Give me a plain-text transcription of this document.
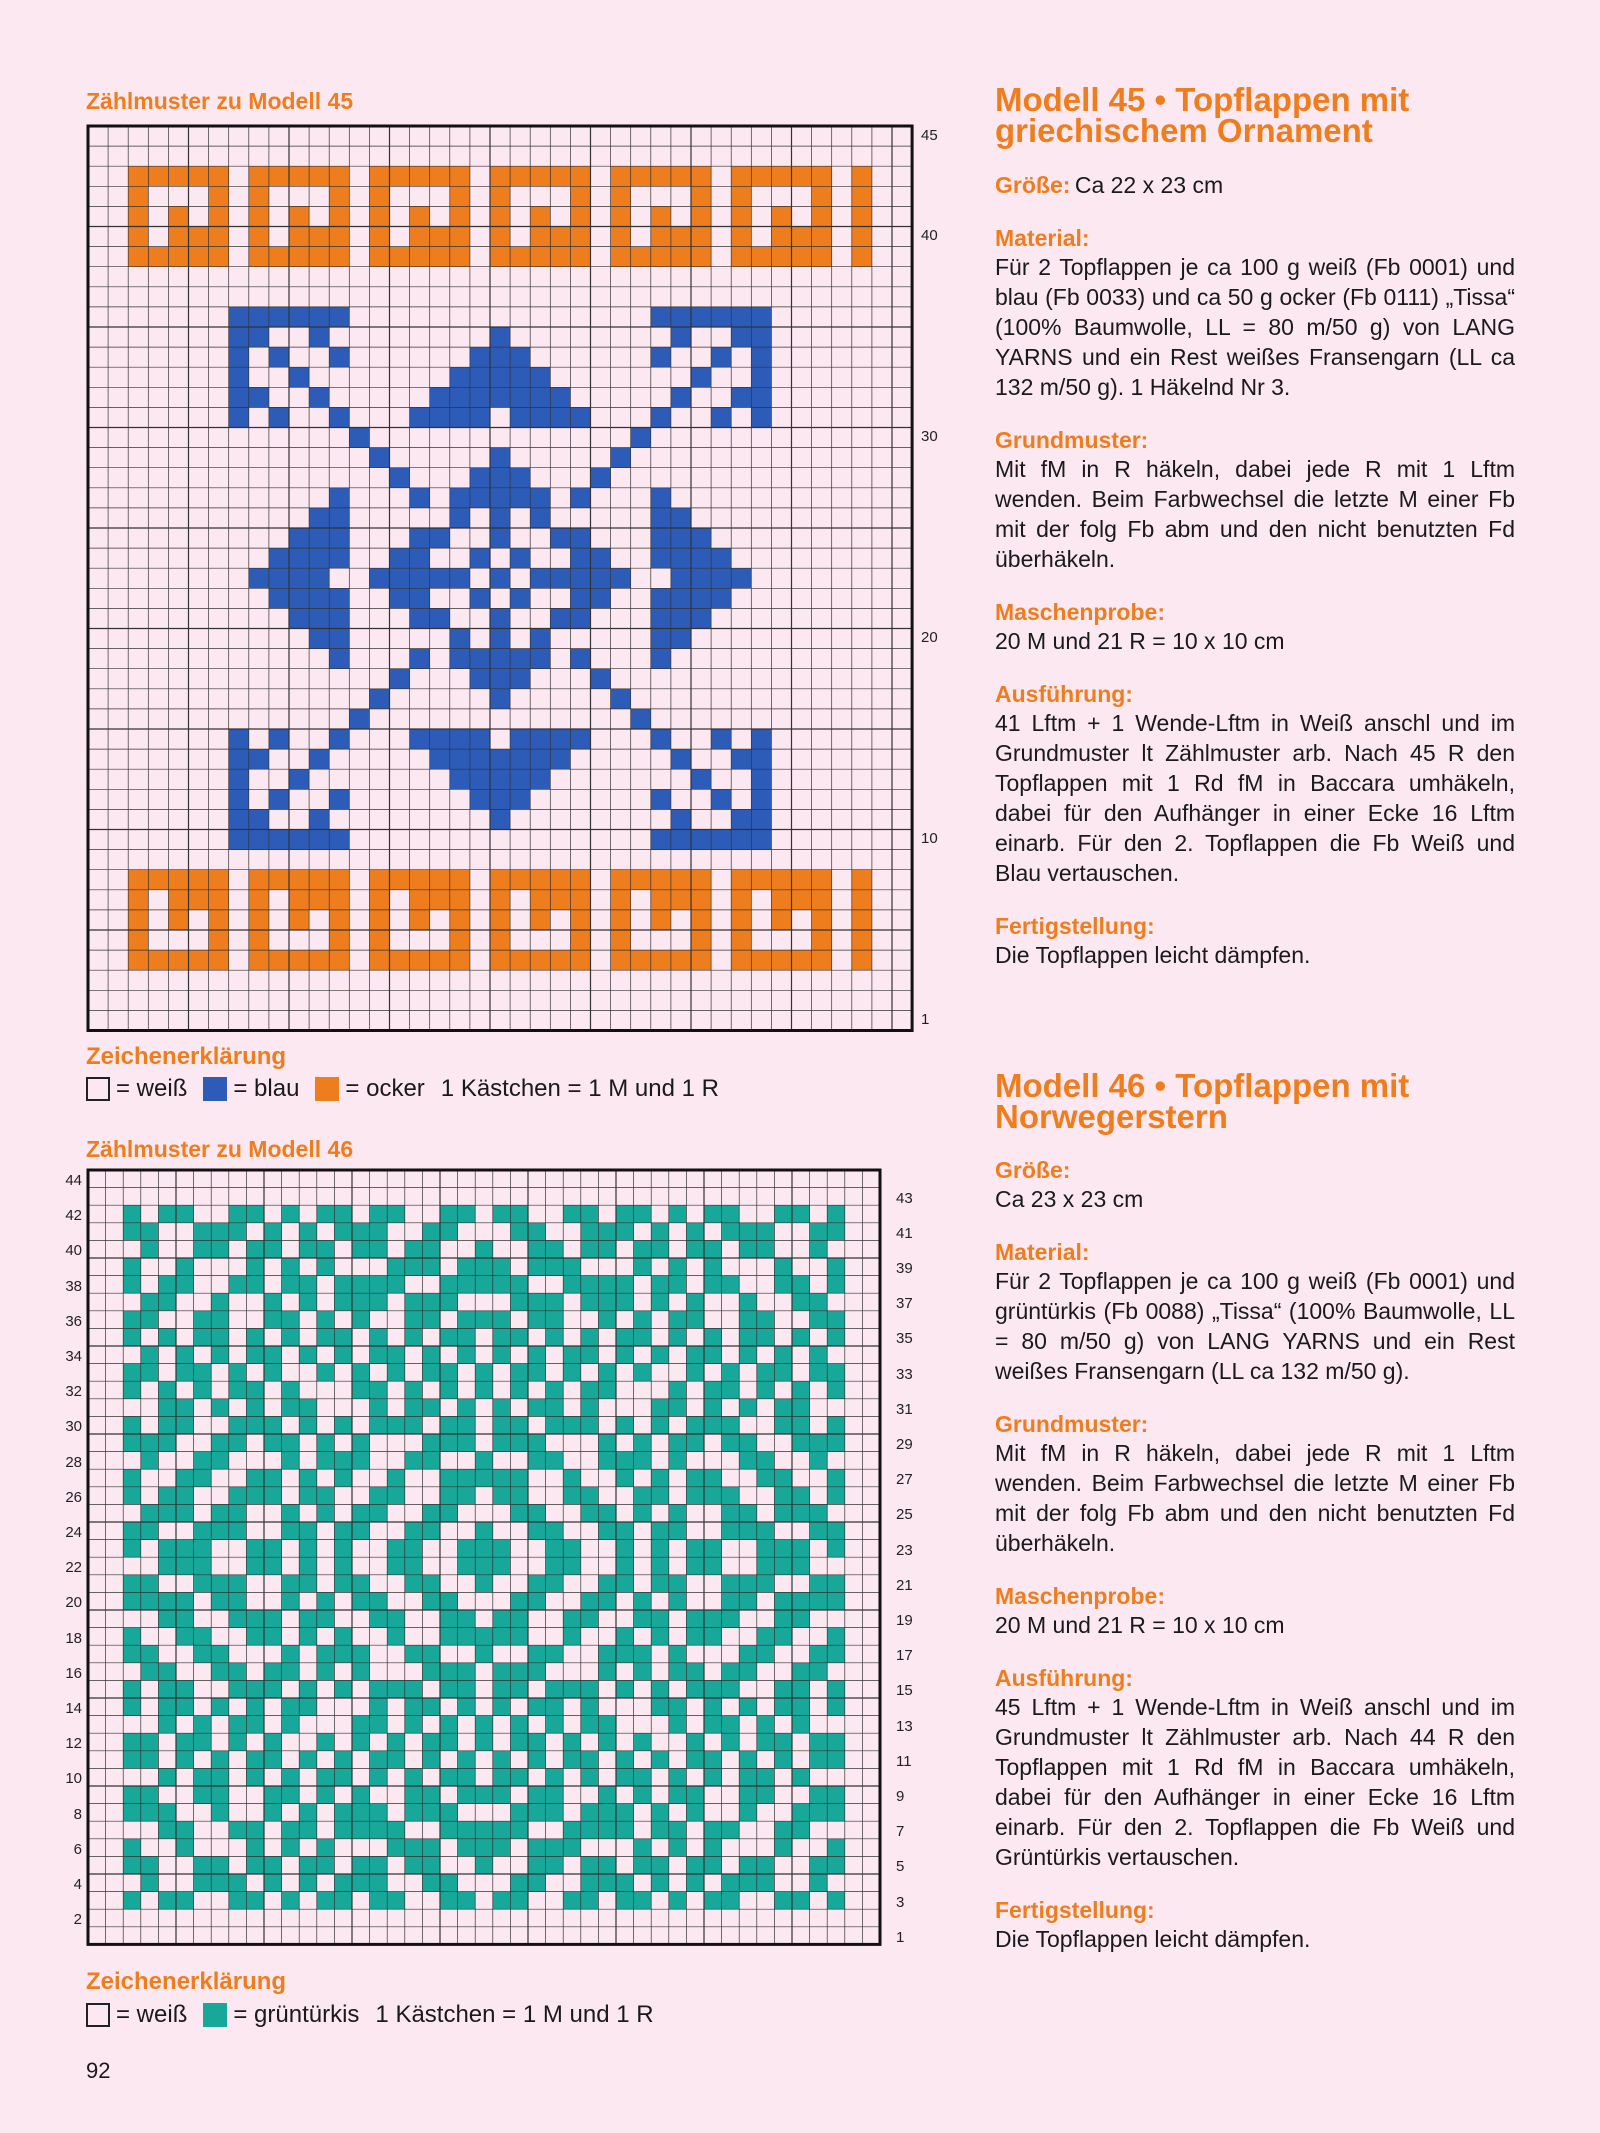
Zählmuster zu Modell 45
45
40
30
20
10
1
Zeichenerklärung
= weiß = blau = ocker 1 Kästchen = 1 M und 1 R
Zählmuster zu Modell 46
44
42
40
38
36
34
32
30
28
26
24
22
20
18
16
14
12
10
8
6
4
2
43
41
39
37
35
33
31
29
27
25
23
21
19
17
15
13
11
9
7
5
3
1
Zeichenerklärung
= weiß = grüntürkis 1 Kästchen = 1 M und 1 R
92
Modell 45 • Topflappen mit
griechischem Ornament
Größe: Ca 22 x 23 cm
Material:
Für 2 Topflappen je ca 100 g weiß (Fb 0001) und blau (Fb 0033) und ca 50 g ocker (Fb 0111) „Tissa“ (100% Baumwolle, LL = 80 m/50 g) von LANG YARNS und ein Rest weißes Fransengarn (LL ca 132 m/50 g). 1 Häkelnd Nr 3.
Grundmuster:
Mit fM in R häkeln, dabei jede R mit 1 Lftm wenden. Beim Farbwechsel die letzte M einer Fb mit der folg Fb abm und den nicht benutzten Fd überhäkeln.
Maschenprobe:
20 M und 21 R = 10 x 10 cm
Ausführung:
41 Lftm + 1 Wende-Lftm in Weiß anschl und im Grundmuster lt Zählmuster arb. Nach 45 R den Topflappen mit 1 Rd fM in Baccara umhäkeln, dabei für den Aufhänger in einer Ecke 16 Lftm einarb. Für den 2. Topflappen die Fb Weiß und Blau vertauschen.
Fertigstellung:
Die Topflappen leicht dämpfen.
Modell 46 • Topflappen mit
Norwegerstern
Größe:
Ca 23 x 23 cm
Material:
Für 2 Topflappen je ca 100 g weiß (Fb 0001) und grüntürkis (Fb 0088) „Tissa“ (100% Baumwolle, LL = 80 m/50 g) von LANG YARNS und ein Rest weißes Fransengarn (LL ca 132 m/50 g).
Grundmuster:
Mit fM in R häkeln, dabei jede R mit 1 Lftm wenden. Beim Farbwechsel die letzte M einer Fb mit der folg Fb abm und den nicht benutzten Fd überhäkeln.
Maschenprobe:
20 M und 21 R = 10 x 10 cm
Ausführung:
45 Lftm + 1 Wende-Lftm in Weiß anschl und im Grundmuster lt Zählmuster arb. Nach 44 R den Topflappen mit 1 Rd fM in Baccara umhäkeln, dabei für den Aufhänger in einer Ecke 16 Lftm einarb. Für den 2. Topflappen die Fb Weiß und Grüntürkis vertauschen.
Fertigstellung:
Die Topflappen leicht dämpfen.
